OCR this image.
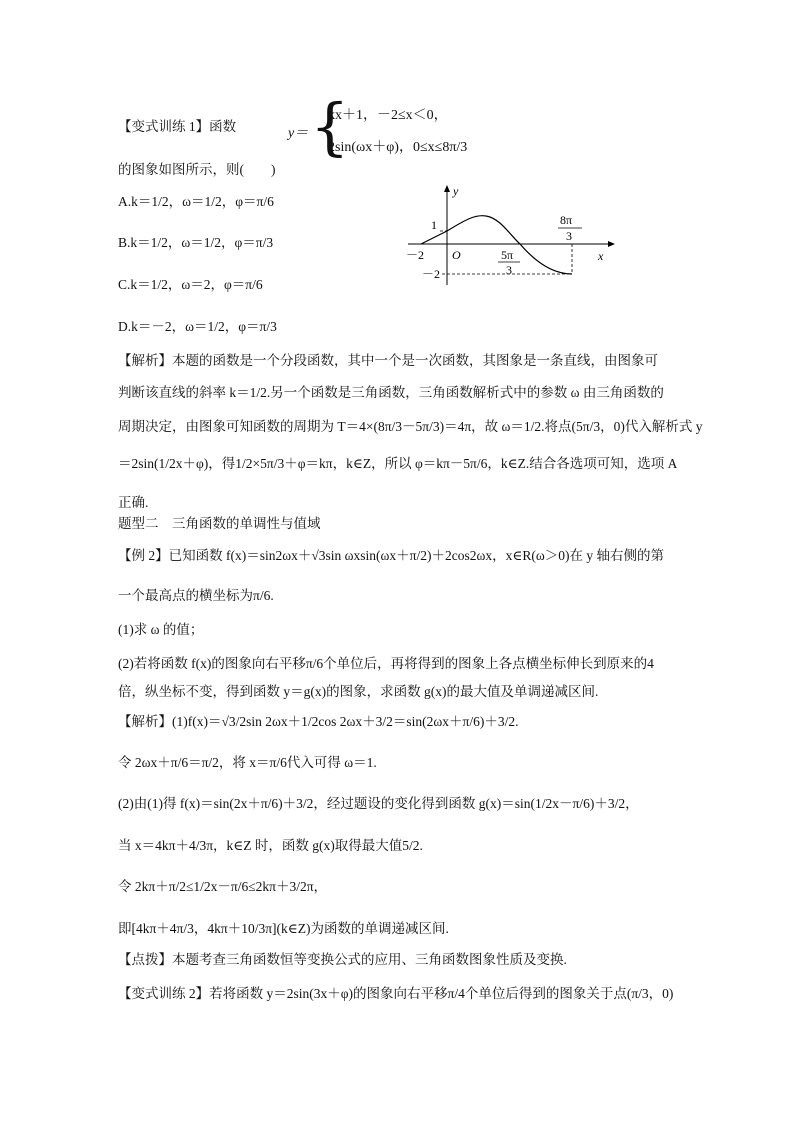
【变式训练 1】函数	y＝ {
kx＋1，－2≤x＜0，
2sin(ωx＋φ)，0≤x≤8π/3
的图象如图所示，则(　　)
A.k＝1/2，ω＝1/2，φ＝π/6
B.k＝1/2，ω＝1/2，φ＝π/3
C.k＝1/2，ω＝2，φ＝π/6
D.k＝－2，ω＝1/2，φ＝π/3
y
x
1
－2 O
－2
5π
3
8π
3
【解析】本题的函数是一个分段函数，其中一个是一次函数，其图象是一条直线，由图象可
判断该直线的斜率 k＝1/2.另一个函数是三角函数，三角函数解析式中的参数 ω 由三角函数的
周期决定，由图象可知函数的周期为 T＝4×(8π/3－5π/3)＝4π，故 ω＝1/2.将点(5π/3，0)代入解析式 y
＝2sin(1/2x＋φ)，得1/2×5π/3＋φ＝kπ，k∈Z，所以 φ＝kπ－5π/6，k∈Z.结合各选项可知，选项 A
正确.
题型二　三角函数的单调性与值域
【例 2】已知函数 f(x)＝sin2ωx＋√3sin ωxsin(ωx＋π/2)＋2cos2ωx，x∈R(ω＞0)在 y 轴右侧的第
一个最高点的横坐标为π/6.
(1)求 ω 的值；
(2)若将函数 f(x)的图象向右平移π/6个单位后，再将得到的图象上各点横坐标伸长到原来的4
倍，纵坐标不变，得到函数 y＝g(x)的图象，求函数 g(x)的最大值及单调递减区间.
【解析】(1)f(x)＝√3/2sin 2ωx＋1/2cos 2ωx＋3/2＝sin(2ωx＋π/6)＋3/2.
令 2ωx＋π/6＝π/2，将 x＝π/6代入可得 ω＝1.
(2)由(1)得 f(x)＝sin(2x＋π/6)＋3/2，经过题设的变化得到函数 g(x)＝sin(1/2x－π/6)＋3/2，
当 x＝4kπ＋4/3π，k∈Z 时，函数 g(x)取得最大值5/2.
令 2kπ＋π/2≤1/2x－π/6≤2kπ＋3/2π，
即[4kπ＋4π/3，4kπ＋10/3π](k∈Z)为函数的单调递减区间.
【点拨】本题考查三角函数恒等变换公式的应用、三角函数图象性质及变换.
【变式训练 2】若将函数 y＝2sin(3x＋φ)的图象向右平移π/4个单位后得到的图象关于点(π/3，0)
